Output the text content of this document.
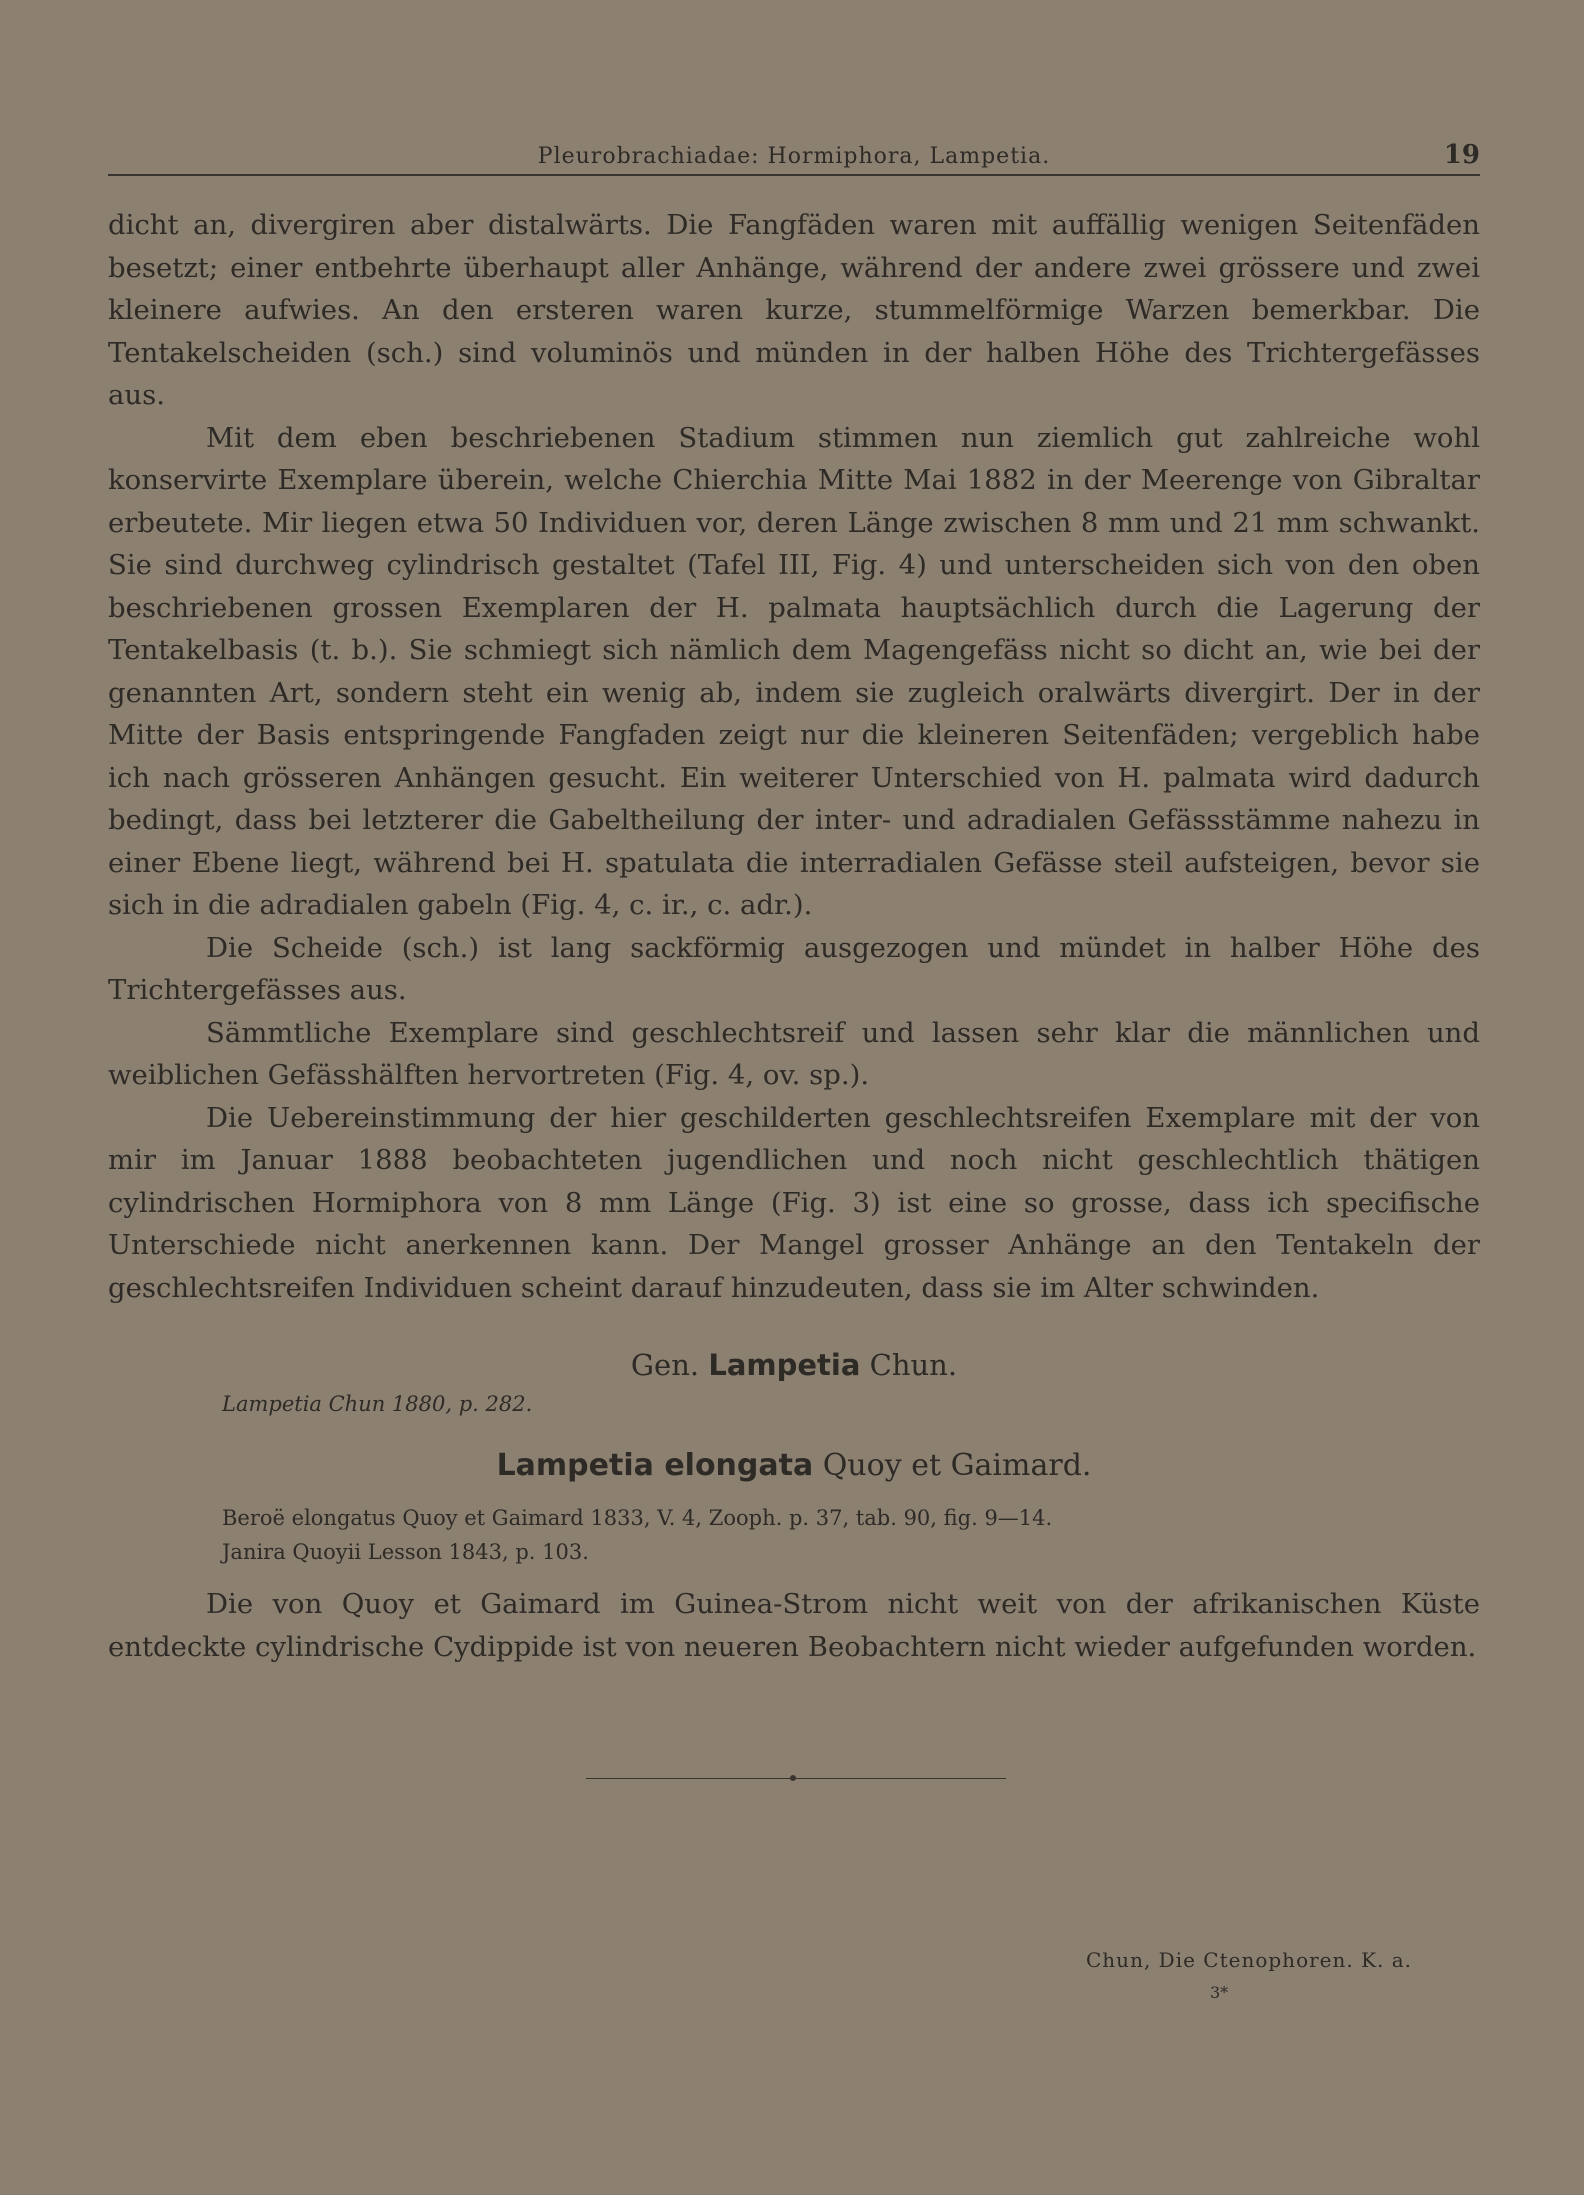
Pleurobrachiadae: Hormiphora, Lampetia.	19

dicht an, divergiren aber distalwärts. Die Fangfäden waren mit auffällig wenigen Seitenfäden besetzt; einer entbehrte überhaupt aller Anhänge, während der andere zwei grössere und zwei kleinere aufwies. An den ersteren waren kurze, stummelförmige Warzen bemerkbar. Die Tentakelscheiden (sch.) sind voluminös und münden in der halben Höhe des Trichtergefässes aus.

Mit dem eben beschriebenen Stadium stimmen nun ziemlich gut zahlreiche wohl konservirte Exemplare überein, welche Chierchia Mitte Mai 1882 in der Meerenge von Gibraltar erbeutete. Mir liegen etwa 50 Individuen vor, deren Länge zwischen 8 mm und 21 mm schwankt. Sie sind durchweg cylindrisch gestaltet (Tafel III, Fig. 4) und unterscheiden sich von den oben beschriebenen grossen Exemplaren der H. palmata hauptsächlich durch die Lagerung der Tentakelbasis (t. b.). Sie schmiegt sich nämlich dem Magengefäss nicht so dicht an, wie bei der genannten Art, sondern steht ein wenig ab, indem sie zugleich oralwärts divergirt. Der in der Mitte der Basis entspringende Fangfaden zeigt nur die kleineren Seitenfäden; vergeblich habe ich nach grösseren Anhängen gesucht. Ein weiterer Unterschied von H. palmata wird dadurch bedingt, dass bei letzterer die Gabeltheilung der inter- und adradialen Gefässstämme nahezu in einer Ebene liegt, während bei H. spatulata die interradialen Gefässe steil aufsteigen, bevor sie sich in die adradialen gabeln (Fig. 4, c. ir., c. adr.).

Die Scheide (sch.) ist lang sackförmig ausgezogen und mündet in halber Höhe des Trichtergefässes aus.

Sämmtliche Exemplare sind geschlechtsreif und lassen sehr klar die männlichen und weiblichen Gefässhälften hervortreten (Fig. 4, ov. sp.).

Die Uebereinstimmung der hier geschilderten geschlechtsreifen Exemplare mit der von mir im Januar 1888 beobachteten jugendlichen und noch nicht geschlechtlich thätigen cylindrischen Hormiphora von 8 mm Länge (Fig. 3) ist eine so grosse, dass ich specifische Unterschiede nicht anerkennen kann. Der Mangel grosser Anhänge an den Tentakeln der geschlechtsreifen Individuen scheint darauf hinzudeuten, dass sie im Alter schwinden.

Gen. Lampetia Chun.
Lampetia Chun 1880, p. 282.
Lampetia elongata Quoy et Gaimard.
Beroë elongatus Quoy et Gaimard 1833, V. 4, Zooph. p. 37, tab. 90, fig. 9—14.
Janira Quoyii Lesson 1843, p. 103.

Die von Quoy et Gaimard im Guinea-Strom nicht weit von der afrikanischen Küste entdeckte cylindrische Cydippide ist von neueren Beobachtern nicht wieder aufgefunden worden.

Chun, Die Ctenophoren. K. a.
3*
